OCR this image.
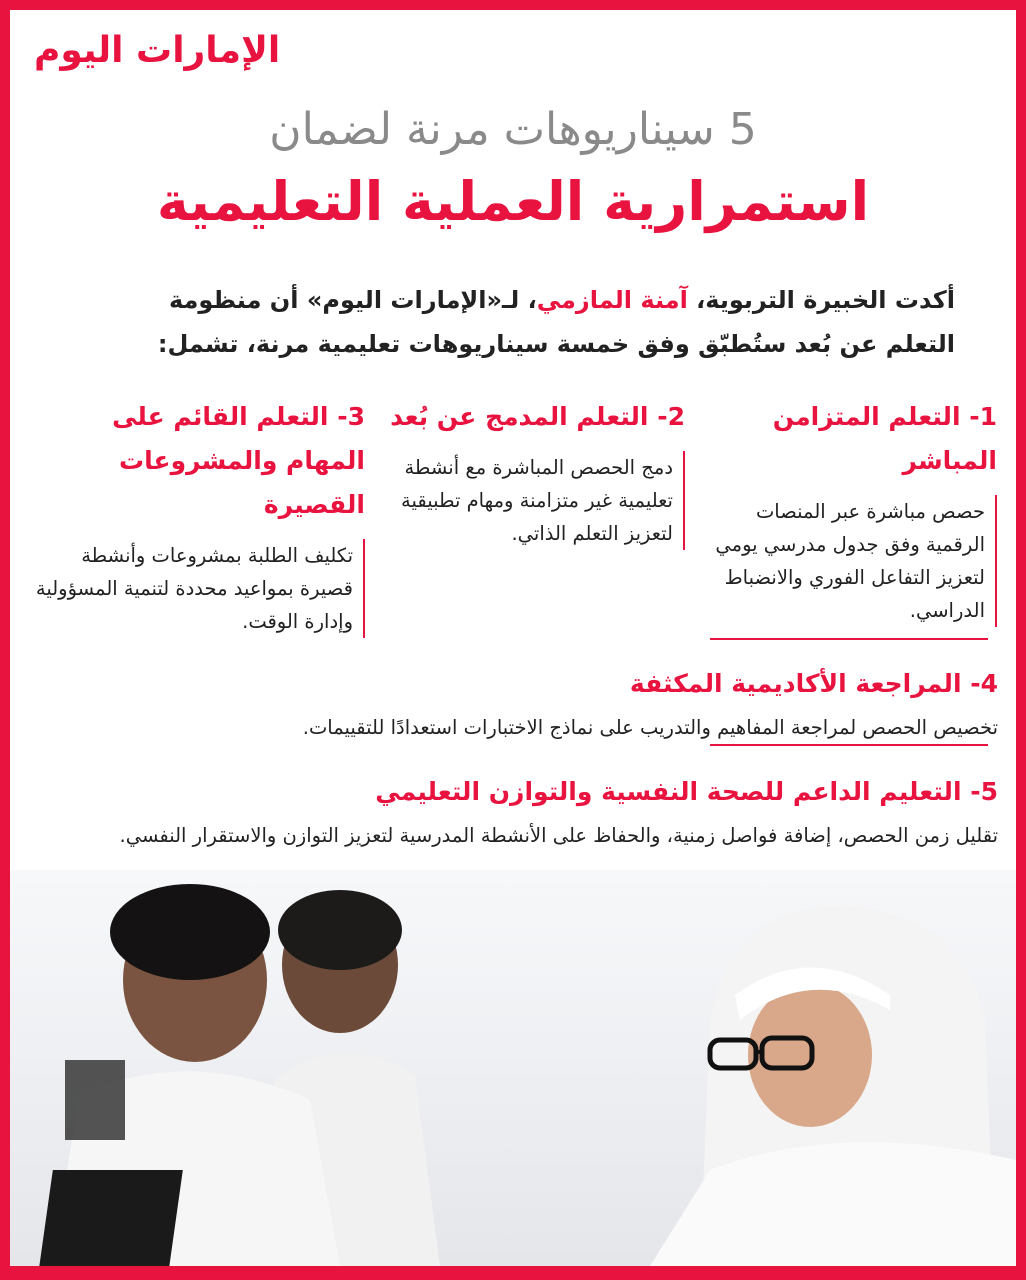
الإمارات اليوم
5 سيناريوهات مرنة لضمان
استمرارية العملية التعليمية
أكدت الخبيرة التربوية، آمنة المازمي، لـ«الإمارات اليوم» أن منظومة التعلم عن بُعد ستُطبّق وفق خمسة سيناريوهات تعليمية مرنة، تشمل:
1- التعلم المتزامن المباشر
حصص مباشرة عبر المنصات الرقمية وفق جدول مدرسي يومي لتعزيز التفاعل الفوري والانضباط الدراسي.
2- التعلم المدمج عن بُعد
دمج الحصص المباشرة مع أنشطة تعليمية غير متزامنة ومهام تطبيقية لتعزيز التعلم الذاتي.
3- التعلم القائم على المهام والمشروعات القصيرة
تكليف الطلبة بمشروعات وأنشطة قصيرة بمواعيد محددة لتنمية المسؤولية وإدارة الوقت.
4- المراجعة الأكاديمية المكثفة
تخصيص الحصص لمراجعة المفاهيم والتدريب على نماذج الاختبارات استعدادًا للتقييمات.
5- التعليم الداعم للصحة النفسية والتوازن التعليمي
تقليل زمن الحصص، إضافة فواصل زمنية، والحفاظ على الأنشطة المدرسية لتعزيز التوازن والاستقرار النفسي.
